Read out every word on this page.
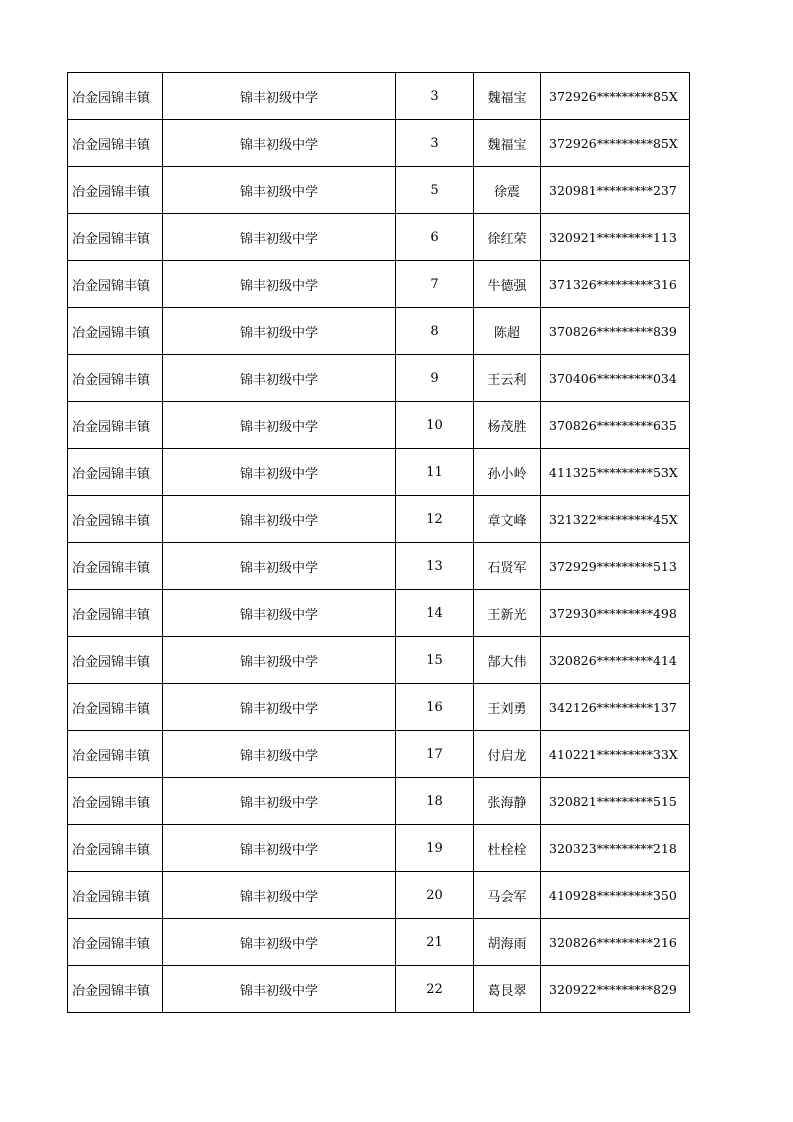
冶金园锦丰镇	锦丰初级中学	3	魏福宝	372926*********85X
冶金园锦丰镇	锦丰初级中学	3	魏福宝	372926*********85X
冶金园锦丰镇	锦丰初级中学	5	徐震	320981*********237
冶金园锦丰镇	锦丰初级中学	6	徐红荣	320921*********113
冶金园锦丰镇	锦丰初级中学	7	牛德强	371326*********316
冶金园锦丰镇	锦丰初级中学	8	陈超	370826*********839
冶金园锦丰镇	锦丰初级中学	9	王云利	370406*********034
冶金园锦丰镇	锦丰初级中学	10	杨茂胜	370826*********635
冶金园锦丰镇	锦丰初级中学	11	孙小岭	411325*********53X
冶金园锦丰镇	锦丰初级中学	12	章文峰	321322*********45X
冶金园锦丰镇	锦丰初级中学	13	石贤军	372929*********513
冶金园锦丰镇	锦丰初级中学	14	王新光	372930*********498
冶金园锦丰镇	锦丰初级中学	15	郜大伟	320826*********414
冶金园锦丰镇	锦丰初级中学	16	王刘勇	342126*********137
冶金园锦丰镇	锦丰初级中学	17	付启龙	410221*********33X
冶金园锦丰镇	锦丰初级中学	18	张海静	320821*********515
冶金园锦丰镇	锦丰初级中学	19	杜栓栓	320323*********218
冶金园锦丰镇	锦丰初级中学	20	马会军	410928*********350
冶金园锦丰镇	锦丰初级中学	21	胡海雨	320826*********216
冶金园锦丰镇	锦丰初级中学	22	葛艮翠	320922*********829
